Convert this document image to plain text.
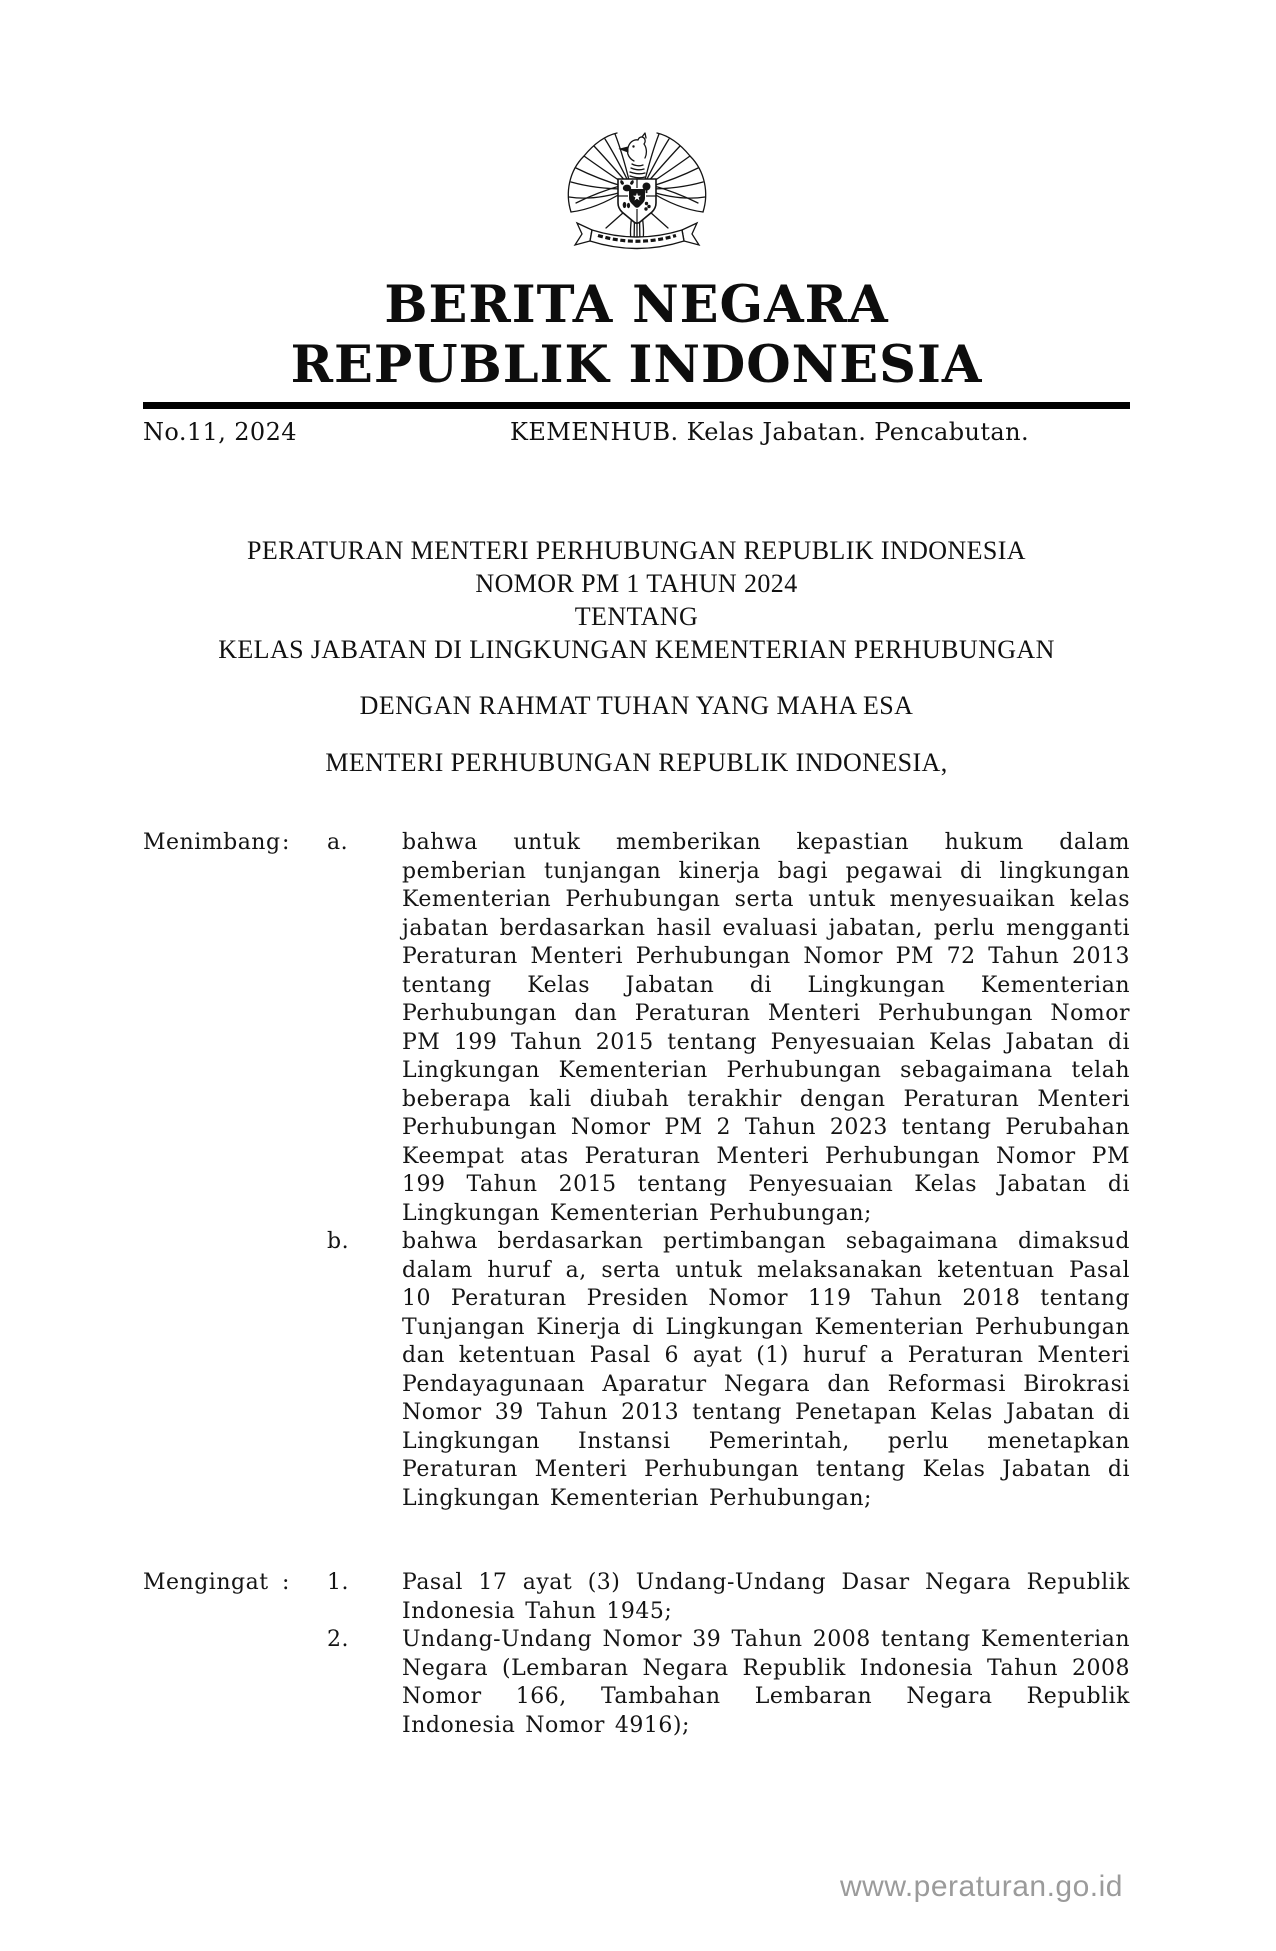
BERITA NEGARA
REPUBLIK INDONESIA
No.11, 2024	KEMENHUB. Kelas Jabatan. Pencabutan.
PERATURAN MENTERI PERHUBUNGAN REPUBLIK INDONESIA
NOMOR PM 1 TAHUN 2024
TENTANG
KELAS JABATAN DI LINGKUNGAN KEMENTERIAN PERHUBUNGAN
DENGAN RAHMAT TUHAN YANG MAHA ESA
MENTERI PERHUBUNGAN REPUBLIK INDONESIA,
Menimbang :	a.	bahwa untuk memberikan kepastian hukum dalam pemberian tunjangan kinerja bagi pegawai di lingkungan Kementerian Perhubungan serta untuk menyesuaikan kelas jabatan berdasarkan hasil evaluasi jabatan, perlu mengganti Peraturan Menteri Perhubungan Nomor PM 72 Tahun 2013 tentang Kelas Jabatan di Lingkungan Kementerian Perhubungan dan Peraturan Menteri Perhubungan Nomor PM 199 Tahun 2015 tentang Penyesuaian Kelas Jabatan di Lingkungan Kementerian Perhubungan sebagaimana telah beberapa kali diubah terakhir dengan Peraturan Menteri Perhubungan Nomor PM 2 Tahun 2023 tentang Perubahan Keempat atas Peraturan Menteri Perhubungan Nomor PM 199 Tahun 2015 tentang Penyesuaian Kelas Jabatan di Lingkungan Kementerian Perhubungan;
b.	bahwa berdasarkan pertimbangan sebagaimana dimaksud dalam huruf a, serta untuk melaksanakan ketentuan Pasal 10 Peraturan Presiden Nomor 119 Tahun 2018 tentang Tunjangan Kinerja di Lingkungan Kementerian Perhubungan dan ketentuan Pasal 6 ayat (1) huruf a Peraturan Menteri Pendayagunaan Aparatur Negara dan Reformasi Birokrasi Nomor 39 Tahun 2013 tentang Penetapan Kelas Jabatan di Lingkungan Instansi Pemerintah, perlu menetapkan Peraturan Menteri Perhubungan tentang Kelas Jabatan di Lingkungan Kementerian Perhubungan;
Mengingat :	1.	Pasal 17 ayat (3) Undang-Undang Dasar Negara Republik Indonesia Tahun 1945;
2.	Undang-Undang Nomor 39 Tahun 2008 tentang Kementerian Negara (Lembaran Negara Republik Indonesia Tahun 2008 Nomor 166, Tambahan Lembaran Negara Republik Indonesia Nomor 4916);
www.peraturan.go.id
